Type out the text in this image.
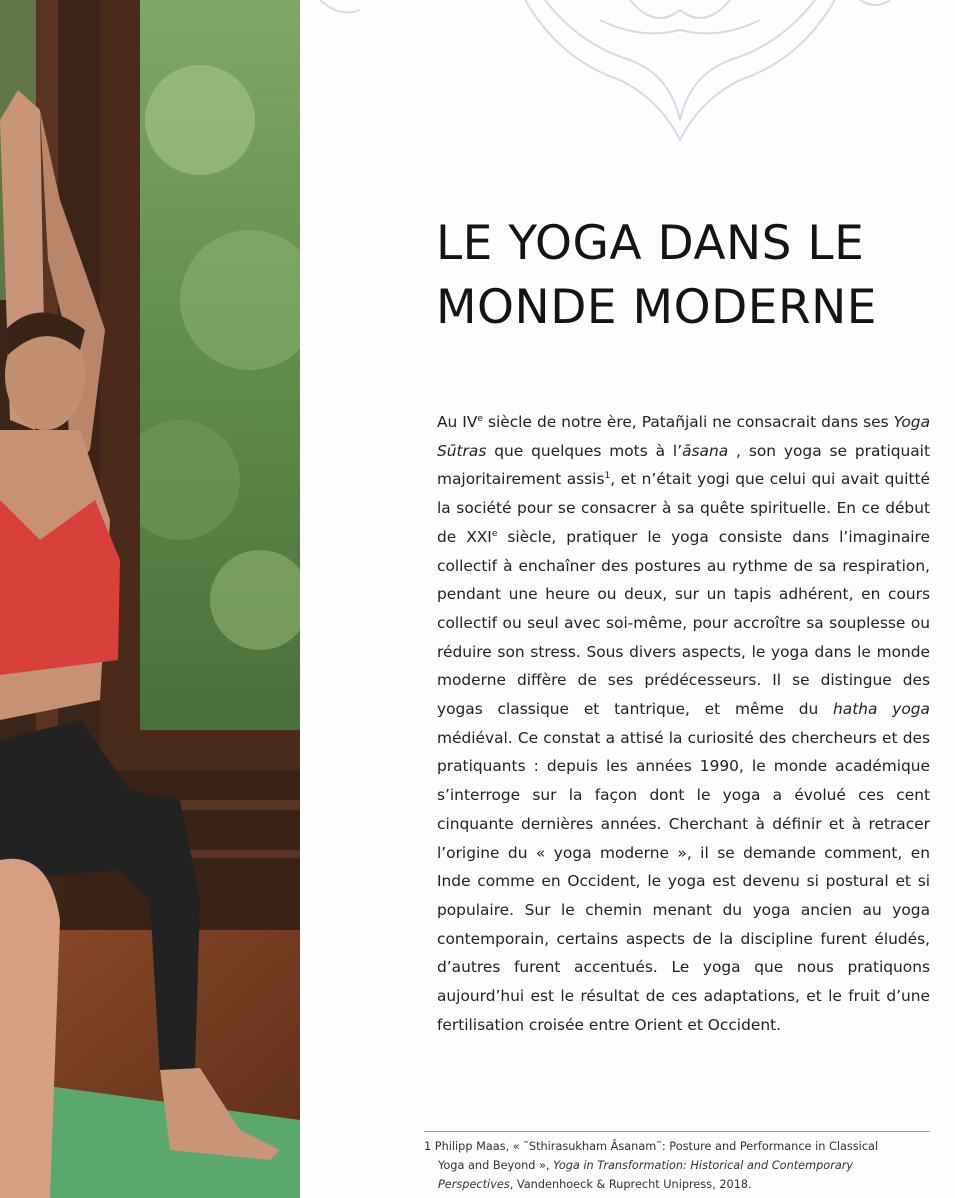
LE YOGA DANS LE
MONDE MODERNE

Au IVe siècle de notre ère, Patañjali ne consacrait dans ses Yoga Sūtras que quelques mots à l’āsana , son yoga se pratiquait majoritairement assis$^1$, et n’était yogi que celui qui avait quitté la société pour se consacrer à sa quête spirituelle. En ce début de XXIe siècle, pratiquer le yoga consiste dans l’imaginaire collectif à enchaîner des postures au rythme de sa respiration, pendant une heure ou deux, sur un tapis adhérent, en cours collectif ou seul avec soi-même, pour accroître sa souplesse ou réduire son stress. Sous divers aspects, le yoga dans le monde moderne diffère de ses prédécesseurs. Il se distingue des yogas classique et tantrique, et même du hatha yoga médiéval. Ce constat a attisé la curiosité des chercheurs et des pratiquants : depuis les années 1990, le monde académique s’interroge sur la façon dont le yoga a évolué ces cent cinquante dernières années. Cherchant à définir et à retracer l’origine du « yoga moderne », il se demande comment, en Inde comme en Occident, le yoga est devenu si postural et si populaire. Sur le chemin menant du yoga ancien au yoga contemporain, certains aspects de la discipline furent éludés, d’autres furent accentués. Le yoga que nous pratiquons aujourd’hui est le résultat de ces adaptations, et le fruit d’une fertilisation croisée entre Orient et Occident.

1 Philipp Maas, « ˜Sthirasukham Āsanam˜: Posture and Performance in Classical

Yoga and Beyond », Yoga in Transformation: Historical and Contemporary
Perspectives, Vandenhoeck & Ruprecht Unipress, 2018.
